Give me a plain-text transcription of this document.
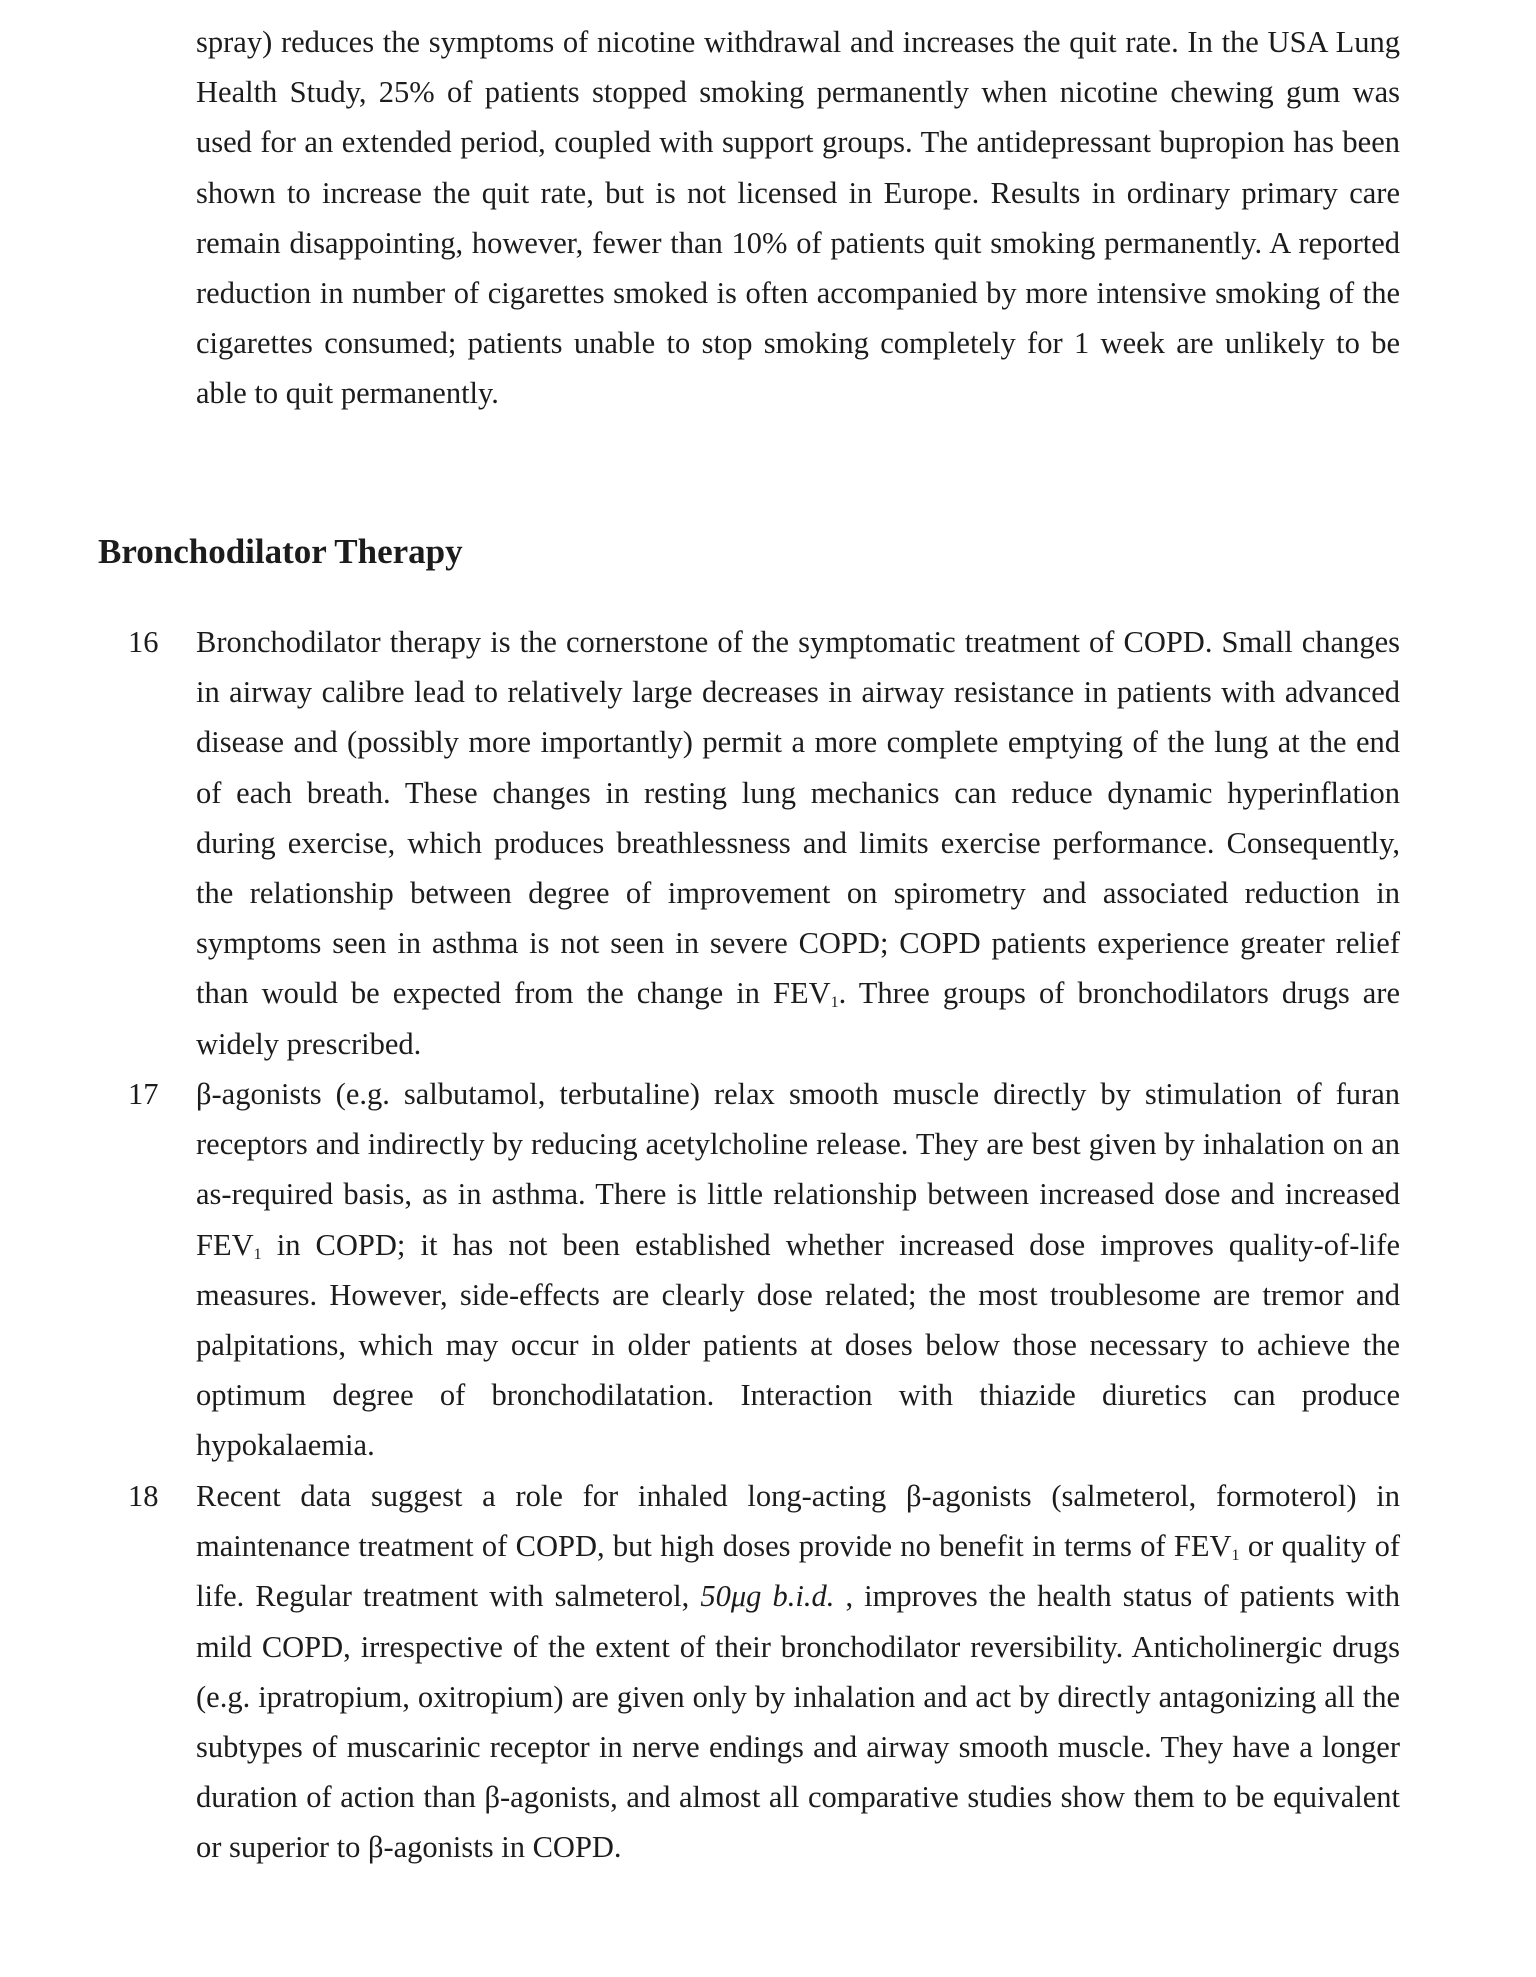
spray) reduces the symptoms of nicotine withdrawal and increases the quit rate. In the USA Lung Health Study, 25% of patients stopped smoking permanently when nicotine chewing gum was used for an extended period, coupled with support groups. The antidepressant bupropion has been shown to increase the quit rate, but is not licensed in Europe. Results in ordinary primary care remain disappointing, however, fewer than 10% of patients quit smoking permanently. A reported reduction in number of cigarettes smoked is often accompanied by more intensive smoking of the cigarettes consumed; patients unable to stop smoking completely for 1 week are unlikely to be able to quit permanently.

Bronchodilator Therapy
16 Bronchodilator therapy is the cornerstone of the symptomatic treatment of COPD. Small changes in airway calibre lead to relatively large decreases in airway resistance in patients with advanced disease and (possibly more importantly) permit a more complete emptying of the lung at the end of each breath. These changes in resting lung mechanics can reduce dynamic hyperinflation during exercise, which produces breathlessness and limits exercise performance. Consequently, the relationship between degree of improvement on spirometry and associated reduction in symptoms seen in asthma is not seen in severe COPD; COPD patients experience greater relief than would be expected from the change in $FEV_1$. Three groups of bronchodilators drugs are widely prescribed.

17 β-agonists (e.g. salbutamol, terbutaline) relax smooth muscle directly by stimulation of furan receptors and indirectly by reducing acetylcholine release. They are best given by inhalation on an as-required basis, as in asthma. There is little relationship between increased dose and increased $FEV_1$ in COPD; it has not been established whether increased dose improves quality-of-life measures. However, side-effects are clearly dose related; the most troublesome are tremor and palpitations, which may occur in older patients at doses below those necessary to achieve the optimum degree of bronchodilatation. Interaction with thiazide diuretics can produce hypokalaemia.

18 Recent data suggest a role for inhaled long-acting β-agonists (salmeterol, formoterol) in maintenance treatment of COPD, but high doses provide no benefit in terms of $FEV_1$ or quality of life. Regular treatment with salmeterol, 50μg b.i.d. , improves the health status of patients with mild COPD, irrespective of the extent of their bronchodilator reversibility. Anticholinergic drugs (e.g. ipratropium, oxitropium) are given only by inhalation and act by directly antagonizing all the subtypes of muscarinic receptor in nerve endings and airway smooth muscle. They have a longer duration of action than β-agonists, and almost all comparative studies show them to be equivalent or superior to β-agonists in COPD.
